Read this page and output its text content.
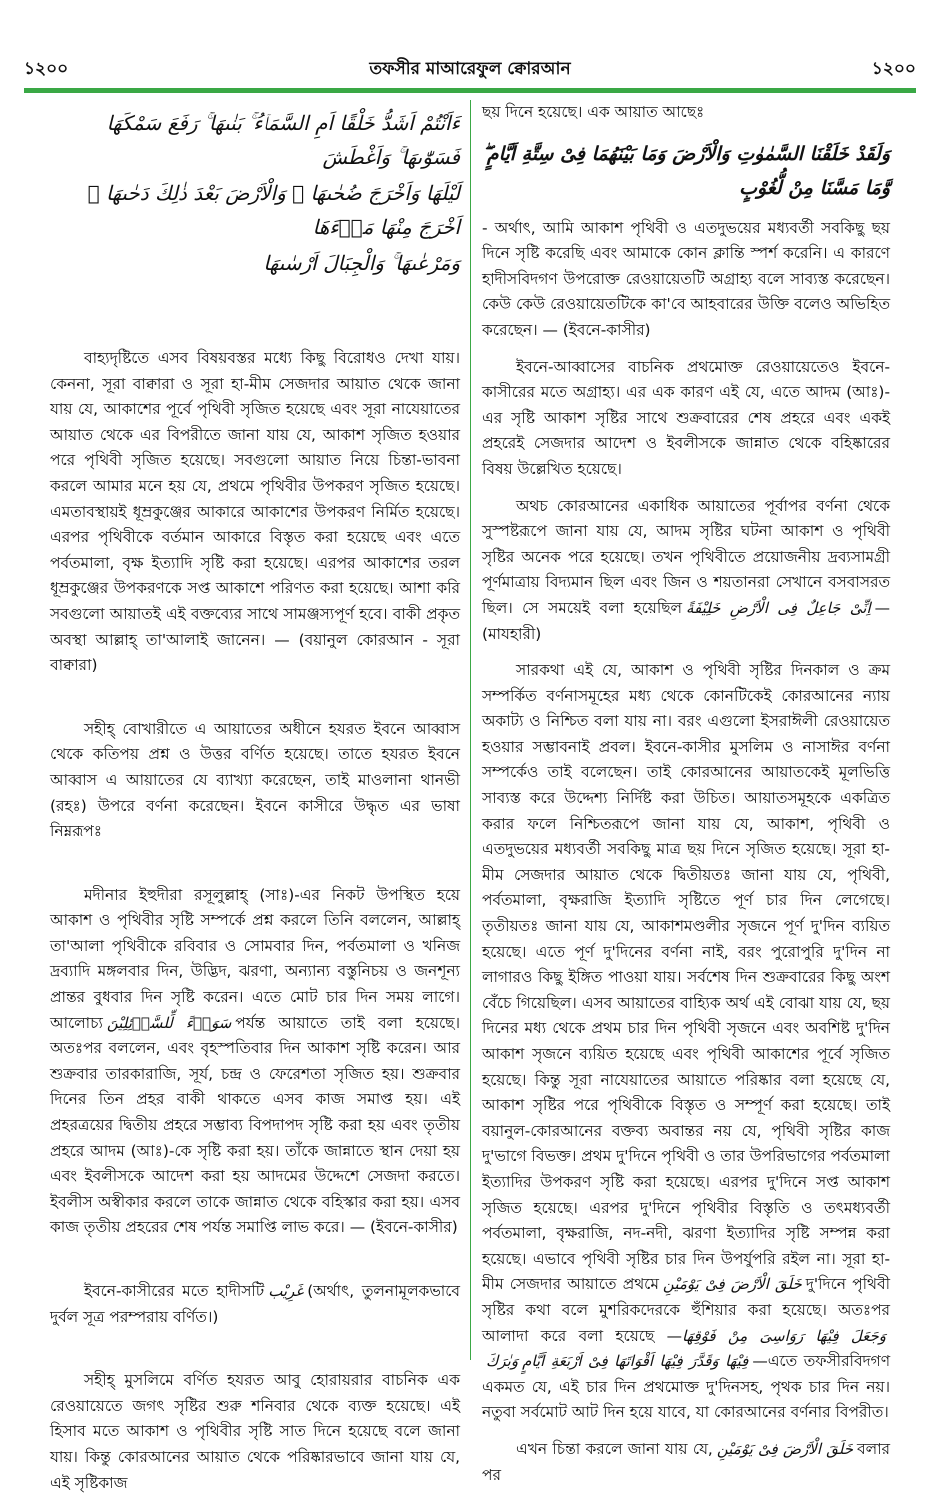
১২০০	তফসীর মাআরেফুল ক্বোরআন	১২০০

ءَاَنْتُمْ اَشَدُّ خَلْقًا اَمِ السَّمَاۤءُ ۚ بَنٰىهَا ۚ رَفَعَ سَمْكَهَا فَسَوّٰىهَا ۚ وَاَغْطَشَ

لَيْلَهَا وَاَخْرَجَ ضُحٰىهَا ۚ وَالْاَرْضَ بَعْدَ ذٰلِكَ دَحٰىهَا ۚ اَخْرَجَ مِنْهَا مَاۤءَهَا

وَمَرْعٰىهَا ۚ وَالْجِبَالَ اَرْسٰىهَا

বাহ্যদৃষ্টিতে এসব বিষয়বস্তর মধ্যে কিছু বিরোধও দেখা যায়। কেননা, সূরা বাক্বারা ও সূরা হা-মীম সেজদার আয়াত থেকে জানা যায় যে, আকাশের পূর্বে পৃথিবী সৃজিত হয়েছে এবং সূরা নাযেয়াতের আয়াত থেকে এর বিপরীতে জানা যায় যে, আকাশ সৃজিত হওয়ার পরে পৃথিবী সৃজিত হয়েছে। সবগুলো আয়াত নিয়ে চিন্তা-ভাবনা করলে আমার মনে হয় যে, প্রথমে পৃথিবীর উপকরণ সৃজিত হয়েছে। এমতাবস্থায়ই ধূম্রকুঞ্জের আকারে আকাশের উপকরণ নির্মিত হয়েছে। এরপর পৃথিবীকে বর্তমান আকারে বিস্তৃত করা হয়েছে এবং এতে পর্বতমালা, বৃক্ষ ইত্যাদি সৃষ্টি করা হয়েছে। এরপর আকাশের তরল ধূম্রকুঞ্জের উপকরণকে সপ্ত আকাশে পরিণত করা হয়েছে। আশা করি সবগুলো আয়াতই এই বক্তব্যের সাথে সামঞ্জস্যপূর্ণ হবে। বাকী প্রকৃত অবস্থা আল্লাহ্ তা'আলাই জানেন। — (বয়ানুল কোরআন - সূরা বাক্বারা)

সহীহ্ বোখারীতে এ আয়াতের অধীনে হযরত ইবনে আব্বাস থেকে কতিপয় প্রশ্ন ও উত্তর বর্ণিত হয়েছে। তাতে হযরত ইবনে আব্বাস এ আয়াতের যে ব্যাখ্যা করেছেন, তাই মাওলানা থানভী (রহঃ) উপরে বর্ণনা করেছেন। ইবনে কাসীরে উদ্ধৃত এর ভাষা নিম্নরূপঃ

মদীনার ইহুদীরা রসূলুল্লাহ্ (সাঃ)-এর নিকট উপস্থিত হয়ে আকাশ ও পৃথিবীর সৃষ্টি সম্পর্কে প্রশ্ন করলে তিনি বললেন, আল্লাহ্ তা'আলা পৃথিবীকে রবিবার ও সোমবার দিন, পর্বতমালা ও খনিজ দ্রব্যাদি মঙ্গলবার দিন, উদ্ভিদ, ঝরণা, অন্যান্য বস্তুনিচয় ও জনশূন্য প্রান্তর বুধবার দিন সৃষ্টি করেন। এতে মোট চার দিন সময় লাগে। আলোচ্য سَوَاۤءً لِّلسَّاۤئِلِيْنَ পর্যন্ত আয়াতে তাই বলা হয়েছে। অতঃপর বললেন, এবং বৃহস্পতিবার দিন আকাশ সৃষ্টি করেন। আর শুক্রবার তারকারাজি, সূর্য, চন্দ্র ও ফেরেশতা সৃজিত হয়। শুক্রবার দিনের তিন প্রহর বাকী থাকতে এসব কাজ সমাপ্ত হয়। এই প্রহরত্রয়ের দ্বিতীয় প্রহরে সম্ভাব্য বিপদাপদ সৃষ্টি করা হয় এবং তৃতীয় প্রহরে আদম (আঃ)-কে সৃষ্টি করা হয়। তাঁকে জান্নাতে স্থান দেয়া হয় এবং ইবলীসকে আদেশ করা হয় আদমের উদ্দেশে সেজদা করতে। ইবলীস অস্বীকার করলে তাকে জান্নাত থেকে বহিস্কার করা হয়। এসব কাজ তৃতীয় প্রহরের শেষ পর্যন্ত সমাপ্তি লাভ করে। — (ইবনে-কাসীর)

ইবনে-কাসীরের মতে হাদীসটি غَرِيْب (অর্থাৎ, তুলনামূলকভাবে দুর্বল সূত্র পরম্পরায় বর্ণিত।)

সহীহ্ মুসলিমে বর্ণিত হযরত আবু হোরায়রার বাচনিক এক রেওয়ায়েতে জগৎ সৃষ্টির শুরু শনিবার থেকে ব্যক্ত হয়েছে। এই হিসাব মতে আকাশ ও পৃথিবীর সৃষ্টি সাত দিনে হয়েছে বলে জানা যায়। কিন্তু কোরআনের আয়াত থেকে পরিষ্কারভাবে জানা যায় যে, এই সৃষ্টিকাজ

ছয় দিনে হয়েছে। এক আয়াত আছেঃ

وَلَقَدْ خَلَقْنَا السَّمٰوٰتِ وَالْاَرْضَ وَمَا بَيْنَهُمَا فِىْ سِتَّةِ اَيَّامٍ ۖ وَّمَا مَسَّنَا مِنْ لُّغُوْبٍ

- অর্থাৎ, আমি আকাশ পৃথিবী ও এতদুভয়ের মধ্যবর্তী সবকিছু ছয় দিনে সৃষ্টি করেছি এবং আমাকে কোন ক্লান্তি স্পর্শ করেনি। এ কারণে হাদীসবিদগণ উপরোক্ত রেওয়ায়েতটি অগ্রাহ্য বলে সাব্যস্ত করেছেন। কেউ কেউ রেওয়ায়েতটিকে কা'বে আহবারের উক্তি বলেও অভিহিত করেছেন। — (ইবনে-কাসীর)

ইবনে-আব্বাসের বাচনিক প্রথমোক্ত রেওয়ায়েতেও ইবনে-কাসীরের মতে অগ্রাহ্য। এর এক কারণ এই যে, এতে আদম (আঃ)-এর সৃষ্টি আকাশ সৃষ্টির সাথে শুক্রবারের শেষ প্রহরে এবং একই প্রহরেই সেজদার আদেশ ও ইবলীসকে জান্নাত থেকে বহিষ্কারের বিষয় উল্লেখিত হয়েছে।

অথচ কোরআনের একাধিক আয়াতের পূর্বাপর বর্ণনা থেকে সুস্পষ্টরূপে জানা যায় যে, আদম সৃষ্টির ঘটনা আকাশ ও পৃথিবী সৃষ্টির অনেক পরে হয়েছে। তখন পৃথিবীতে প্রয়োজনীয় দ্রব্যসামগ্রী পূর্ণমাত্রায় বিদ্যমান ছিল এবং জিন ও শয়তানরা সেখানে বসবাসরত ছিল। সে সময়েই বলা হয়েছিল اِنِّىْ جَاعِلٌ فِى الْاَرْضِ خَلِيْفَةً — (মাযহারী)

সারকথা এই যে, আকাশ ও পৃথিবী সৃষ্টির দিনকাল ও ক্রম সম্পর্কিত বর্ণনাসমূহের মধ্য থেকে কোনটিকেই কোরআনের ন্যায় অকাট্য ও নিশ্চিত বলা যায় না। বরং এগুলো ইসরাঈলী রেওয়ায়েত হওয়ার সম্ভাবনাই প্রবল। ইবনে-কাসীর মুসলিম ও নাসাঈর বর্ণনা সম্পর্কেও তাই বলেছেন। তাই কোরআনের আয়াতকেই মূলভিত্তি সাব্যস্ত করে উদ্দেশ্য নির্দিষ্ট করা উচিত। আয়াতসমূহকে একত্রিত করার ফলে নিশ্চিতরূপে জানা যায় যে, আকাশ, পৃথিবী ও এতদুভয়ের মধ্যবর্তী সবকিছু মাত্র ছয় দিনে সৃজিত হয়েছে। সূরা হা-মীম সেজদার আয়াত থেকে দ্বিতীয়তঃ জানা যায় যে, পৃথিবী, পর্বতমালা, বৃক্ষরাজি ইত্যাদি সৃষ্টিতে পূর্ণ চার দিন লেগেছে। তৃতীয়তঃ জানা যায় যে, আকাশমণ্ডলীর সৃজনে পূর্ণ দু'দিন ব্যয়িত হয়েছে। এতে পূর্ণ দু'দিনের বর্ণনা নাই, বরং পুরোপুরি দু'দিন না লাগারও কিছু ইঙ্গিত পাওয়া যায়। সর্বশেষ দিন শুক্রবারের কিছু অংশ বেঁচে গিয়েছিল। এসব আয়াতের বাহ্যিক অর্থ এই বোঝা যায় যে, ছয় দিনের মধ্য থেকে প্রথম চার দিন পৃথিবী সৃজনে এবং অবশিষ্ট দু'দিন আকাশ সৃজনে ব্যয়িত হয়েছে এবং পৃথিবী আকাশের পূর্বে সৃজিত হয়েছে। কিন্তু সূরা নাযেয়াতের আয়াতে পরিষ্কার বলা হয়েছে যে, আকাশ সৃষ্টির পরে পৃথিবীকে বিস্তৃত ও সম্পূর্ণ করা হয়েছে। তাই বয়ানুল-কোরআনের বক্তব্য অবান্তর নয় যে, পৃথিবী সৃষ্টির কাজ দু'ভাগে বিভক্ত। প্রথম দু'দিনে পৃথিবী ও তার উপরিভাগের পর্বতমালা ইত্যাদির উপকরণ সৃষ্টি করা হয়েছে। এরপর দু'দিনে সপ্ত আকাশ সৃজিত হয়েছে। এরপর দু'দিনে পৃথিবীর বিস্তৃতি ও তৎমধ্যবর্তী পর্বতমালা, বৃক্ষরাজি, নদ-নদী, ঝরণা ইত্যাদির সৃষ্টি সম্পন্ন করা হয়েছে। এভাবে পৃথিবী সৃষ্টির চার দিন উপর্যুপরি রইল না। সূরা হা-মীম সেজদার আয়াতে প্রথমে خَلَقَ الْاَرْضَ فِىْ يَوْمَيْنِ দু'দিনে পৃথিবী সৃষ্টির কথা বলে মুশরিকদেরকে হুঁশিয়ার করা হয়েছে। অতঃপর আলাদা করে বলা হয়েছে —وَجَعَلَ فِيْهَا رَوَاسِىَ مِنْ فَوْقِهَا وَبٰرَكَ فِيْهَا وَقَدَّرَ فِيْهَا اَقْوَاتَهَا فِىْ اَرْبَعَةِ اَيَّامٍ —এতে তফসীরবিদগণ একমত যে, এই চার দিন প্রথমোক্ত দু'দিনসহ, পৃথক চার দিন নয়। নতুবা সর্বমোট আট দিন হয়ে যাবে, যা কোরআনের বর্ণনার বিপরীত।

এখন চিন্তা করলে জানা যায় যে, خَلَقَ الْاَرْضَ فِىْ يَوْمَيْنِ বলার পর
